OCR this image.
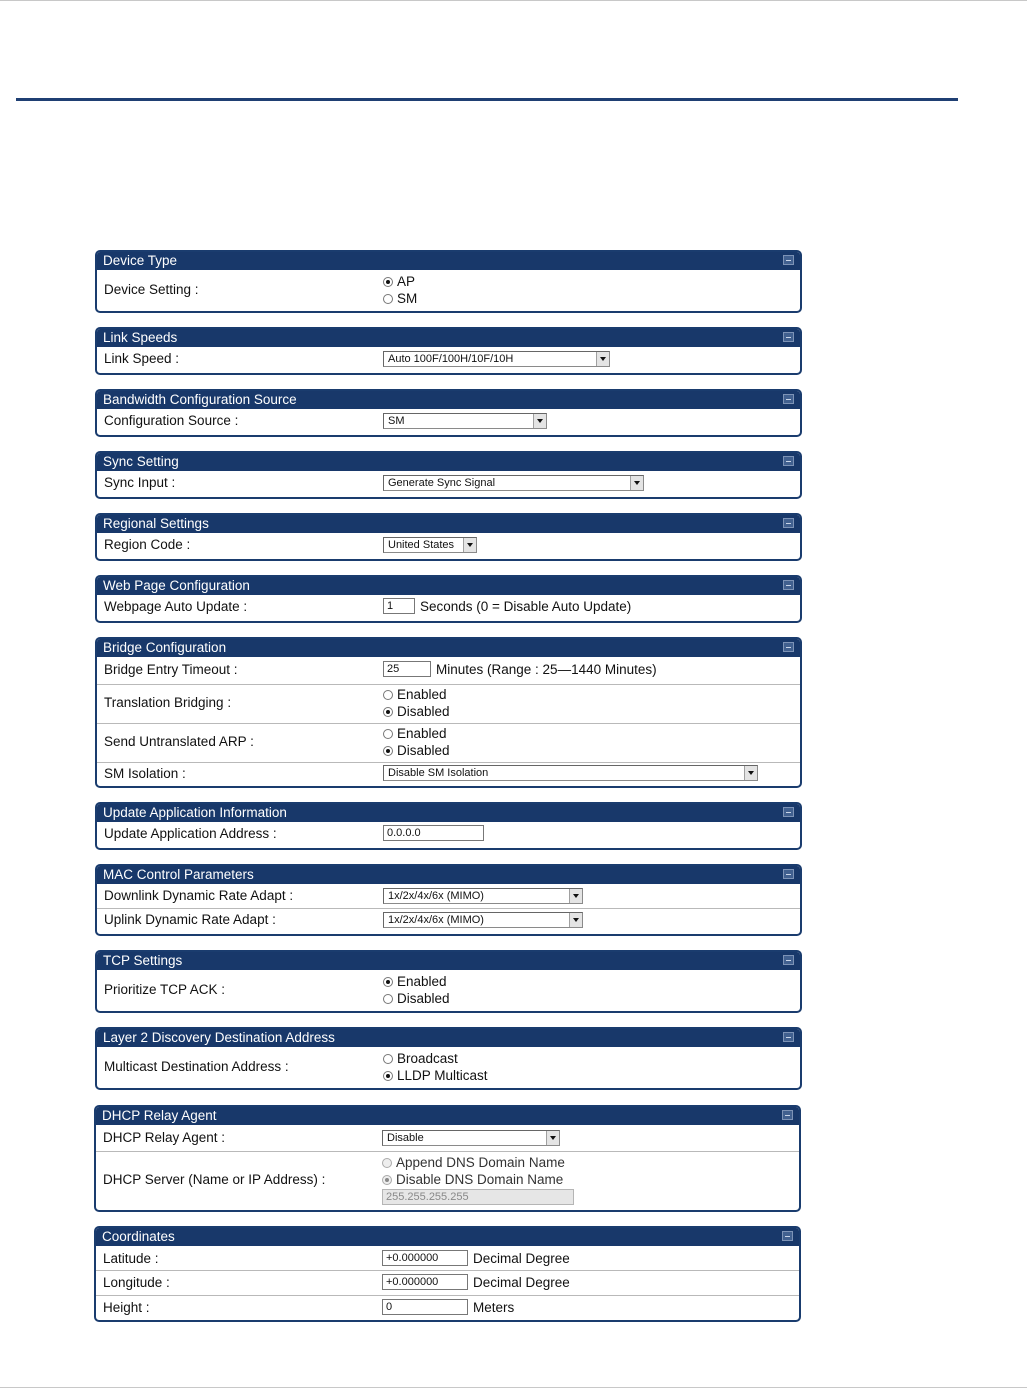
Device Type
Device Setting :
AP
SM
Link Speeds
Link Speed :	Auto 100F/100H/10F/10H
Bandwidth Configuration Source
Configuration Source :	SM
Sync Setting
Sync Input :	Generate Sync Signal
Regional Settings
Region Code :	United States
Web Page Configuration
Webpage Auto Update :	1	Seconds (0 = Disable Auto Update)
Bridge Configuration
Bridge Entry Timeout :	25	Minutes (Range : 25—1440 Minutes)
Translation Bridging :
Enabled
Disabled
Send Untranslated ARP :
Enabled
Disabled
SM Isolation :	Disable SM Isolation
Update Application Information
Update Application Address :	0.0.0.0
MAC Control Parameters
Downlink Dynamic Rate Adapt :	1x/2x/4x/6x (MIMO)
Uplink Dynamic Rate Adapt :	1x/2x/4x/6x (MIMO)
TCP Settings
Prioritize TCP ACK :
Enabled
Disabled
Layer 2 Discovery Destination Address
Multicast Destination Address :
Broadcast
LLDP Multicast
DHCP Relay Agent
DHCP Relay Agent :	Disable
DHCP Server (Name or IP Address) :
Append DNS Domain Name
Disable DNS Domain Name
255.255.255.255
Coordinates
Latitude :	+0.000000	Decimal Degree
Longitude :	+0.000000	Decimal Degree
Height :	0	Meters
